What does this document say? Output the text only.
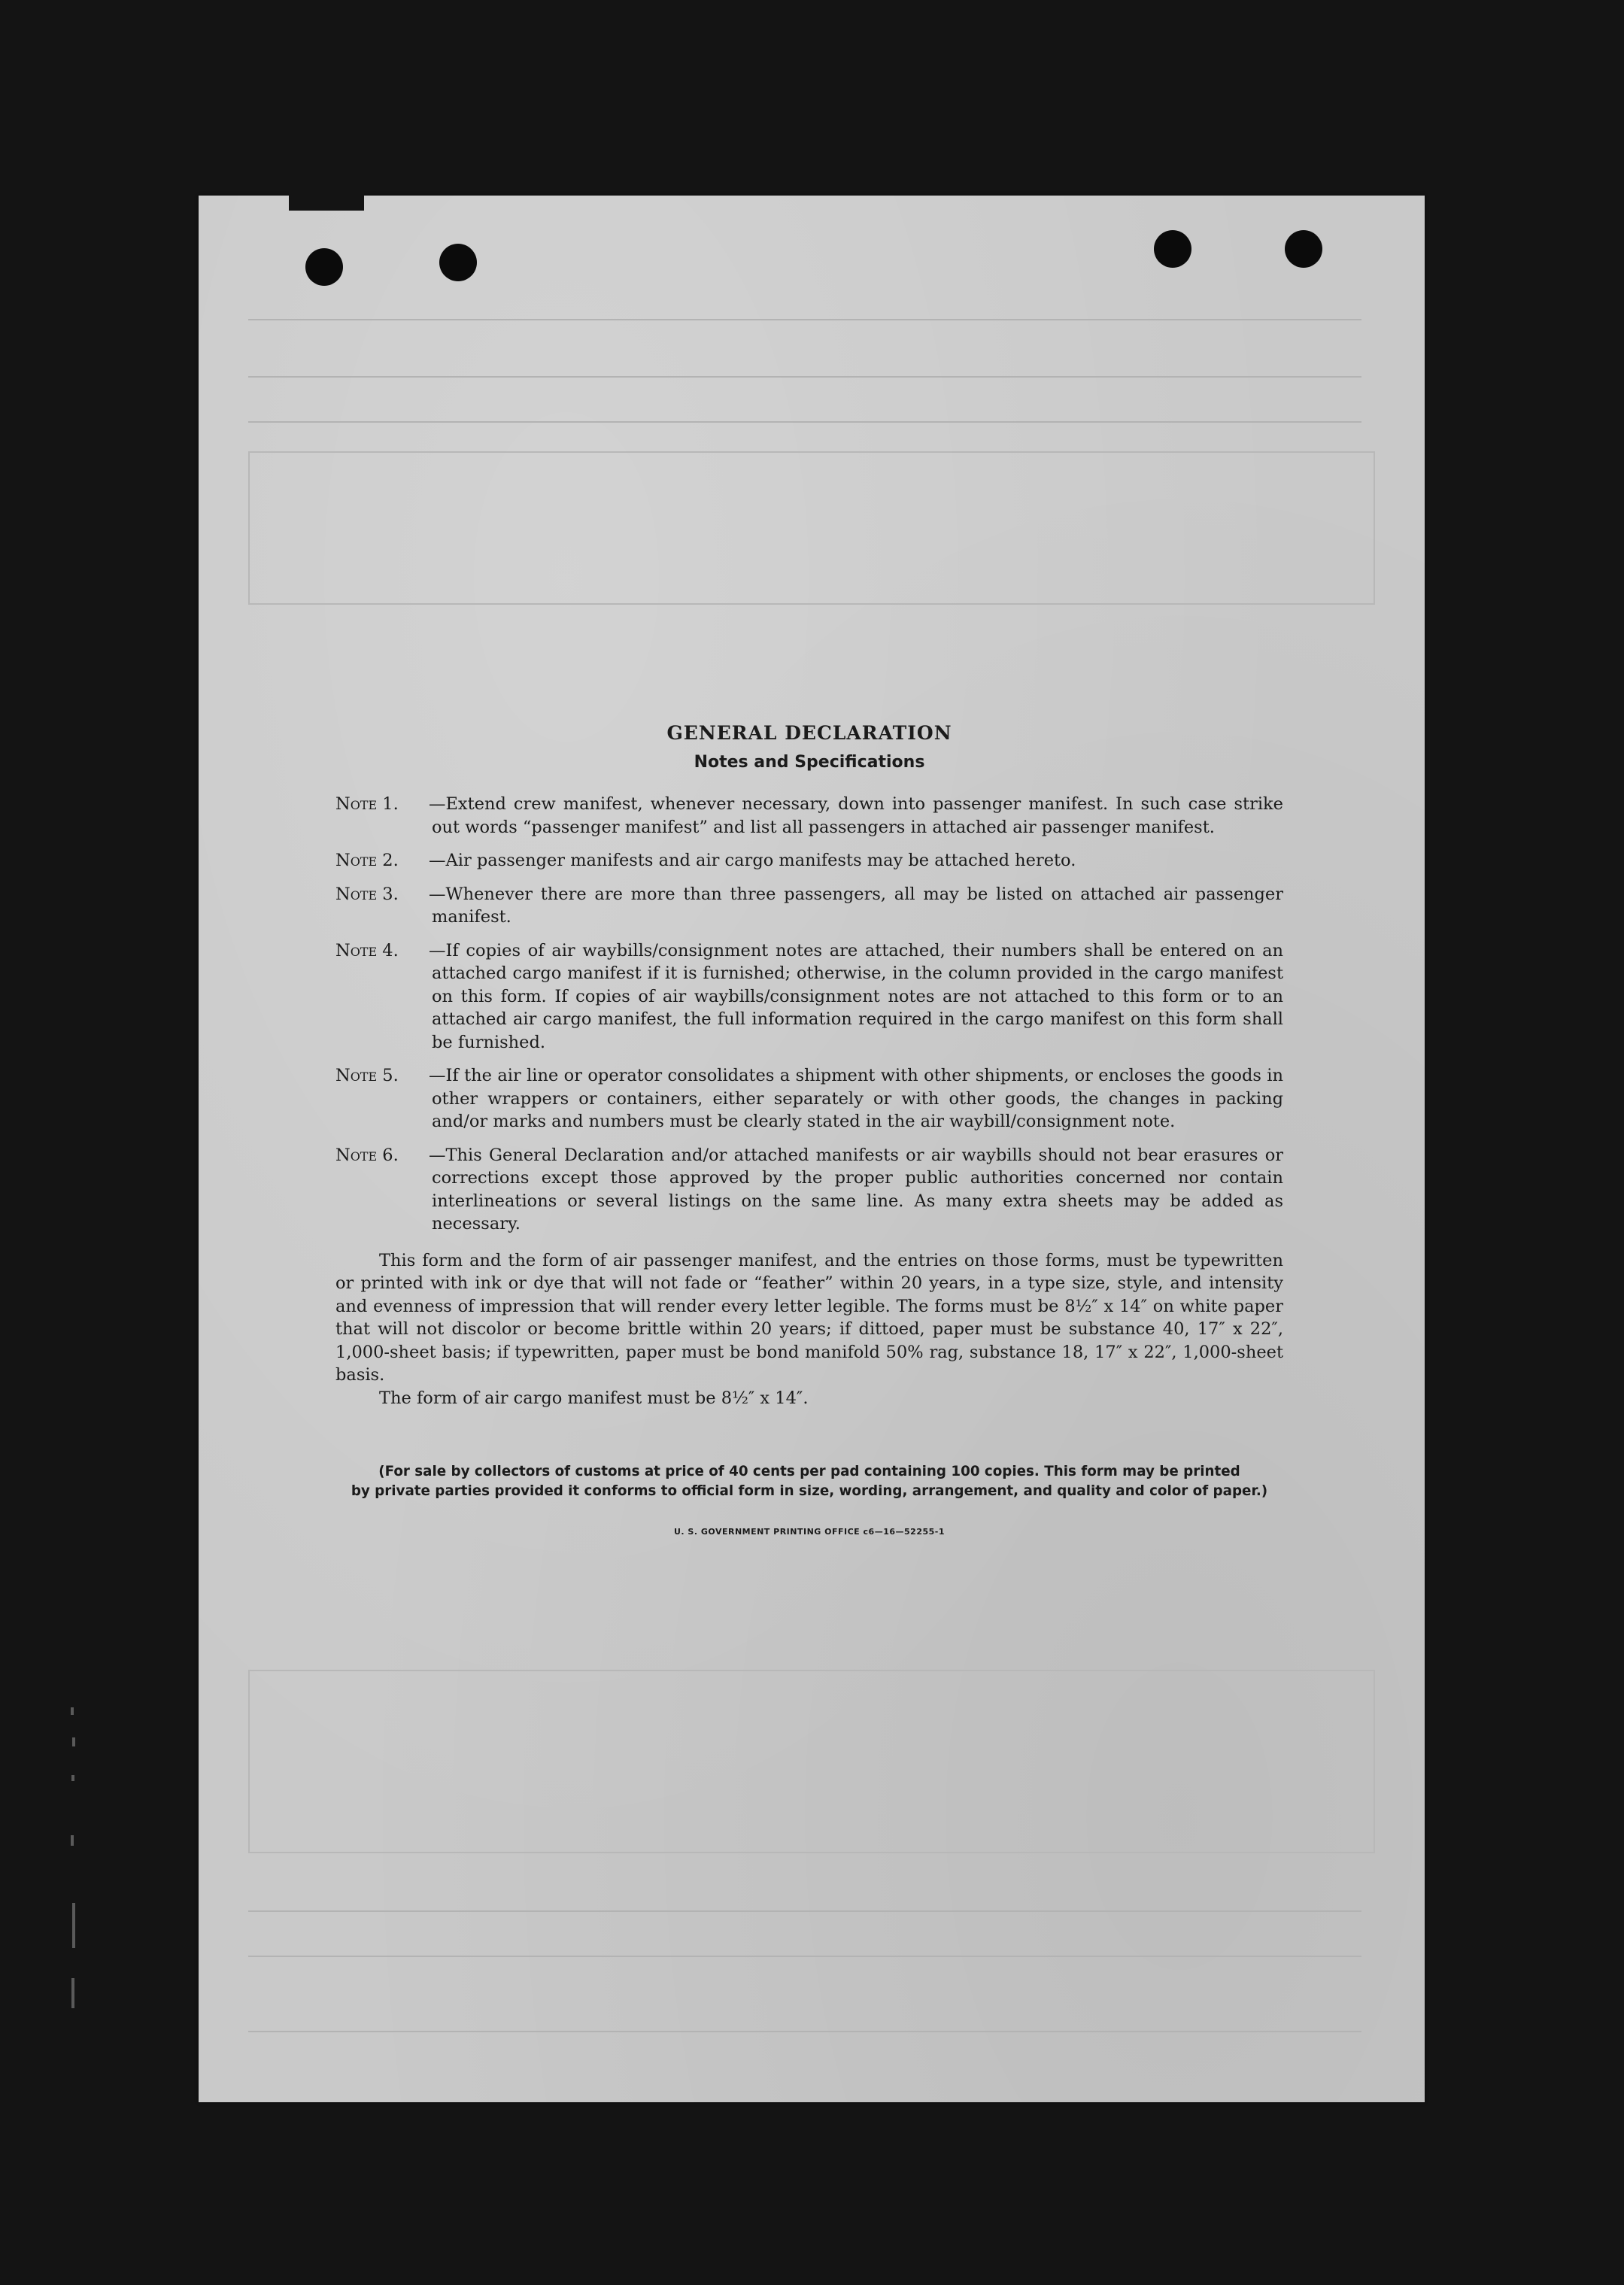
GENERAL DECLARATION
Notes and Specifications
Note 1.	—Extend crew manifest, whenever necessary, down into passenger manifest. In such case strike out words “passenger manifest” and list all passengers in attached air passenger manifest.
Note 2.	—Air passenger manifests and air cargo manifests may be attached hereto.
Note 3.	—Whenever there are more than three passengers, all may be listed on attached air passenger manifest.
Note 4.	—If copies of air waybills/consignment notes are attached, their numbers shall be entered on an attached cargo manifest if it is furnished; otherwise, in the column provided in the cargo manifest on this form. If copies of air waybills/consignment notes are not attached to this form or to an attached air cargo manifest, the full information required in the cargo manifest on this form shall be furnished.
Note 5.	—If the air line or operator consolidates a shipment with other shipments, or encloses the goods in other wrappers or containers, either separately or with other goods, the changes in packing and/or marks and numbers must be clearly stated in the air waybill/consignment note.
Note 6.	—This General Declaration and/or attached manifests or air waybills should not bear erasures or corrections except those approved by the proper public authorities concerned nor contain interlineations or several listings on the same line. As many extra sheets may be added as necessary.

This form and the form of air passenger manifest, and the entries on those forms, must be typewritten or printed with ink or dye that will not fade or “feather” within 20 years, in a type size, style, and intensity and evenness of impression that will render every letter legible. The forms must be 8½″ x 14″ on white paper that will not discolor or become brittle within 20 years; if dittoed, paper must be substance 40, 17″ x 22″, 1,000-sheet basis; if typewritten, paper must be bond manifold 50% rag, substance 18, 17″ x 22″, 1,000-sheet basis.

The form of air cargo manifest must be 8½″ x 14″.

(For sale by collectors of customs at price of 40 cents per pad containing 100 copies. This form may be printed
by private parties provided it conforms to official form in size, wording, arrangement, and quality and color of paper.)
U. S. GOVERNMENT PRINTING OFFICE c6—16—52255-1
